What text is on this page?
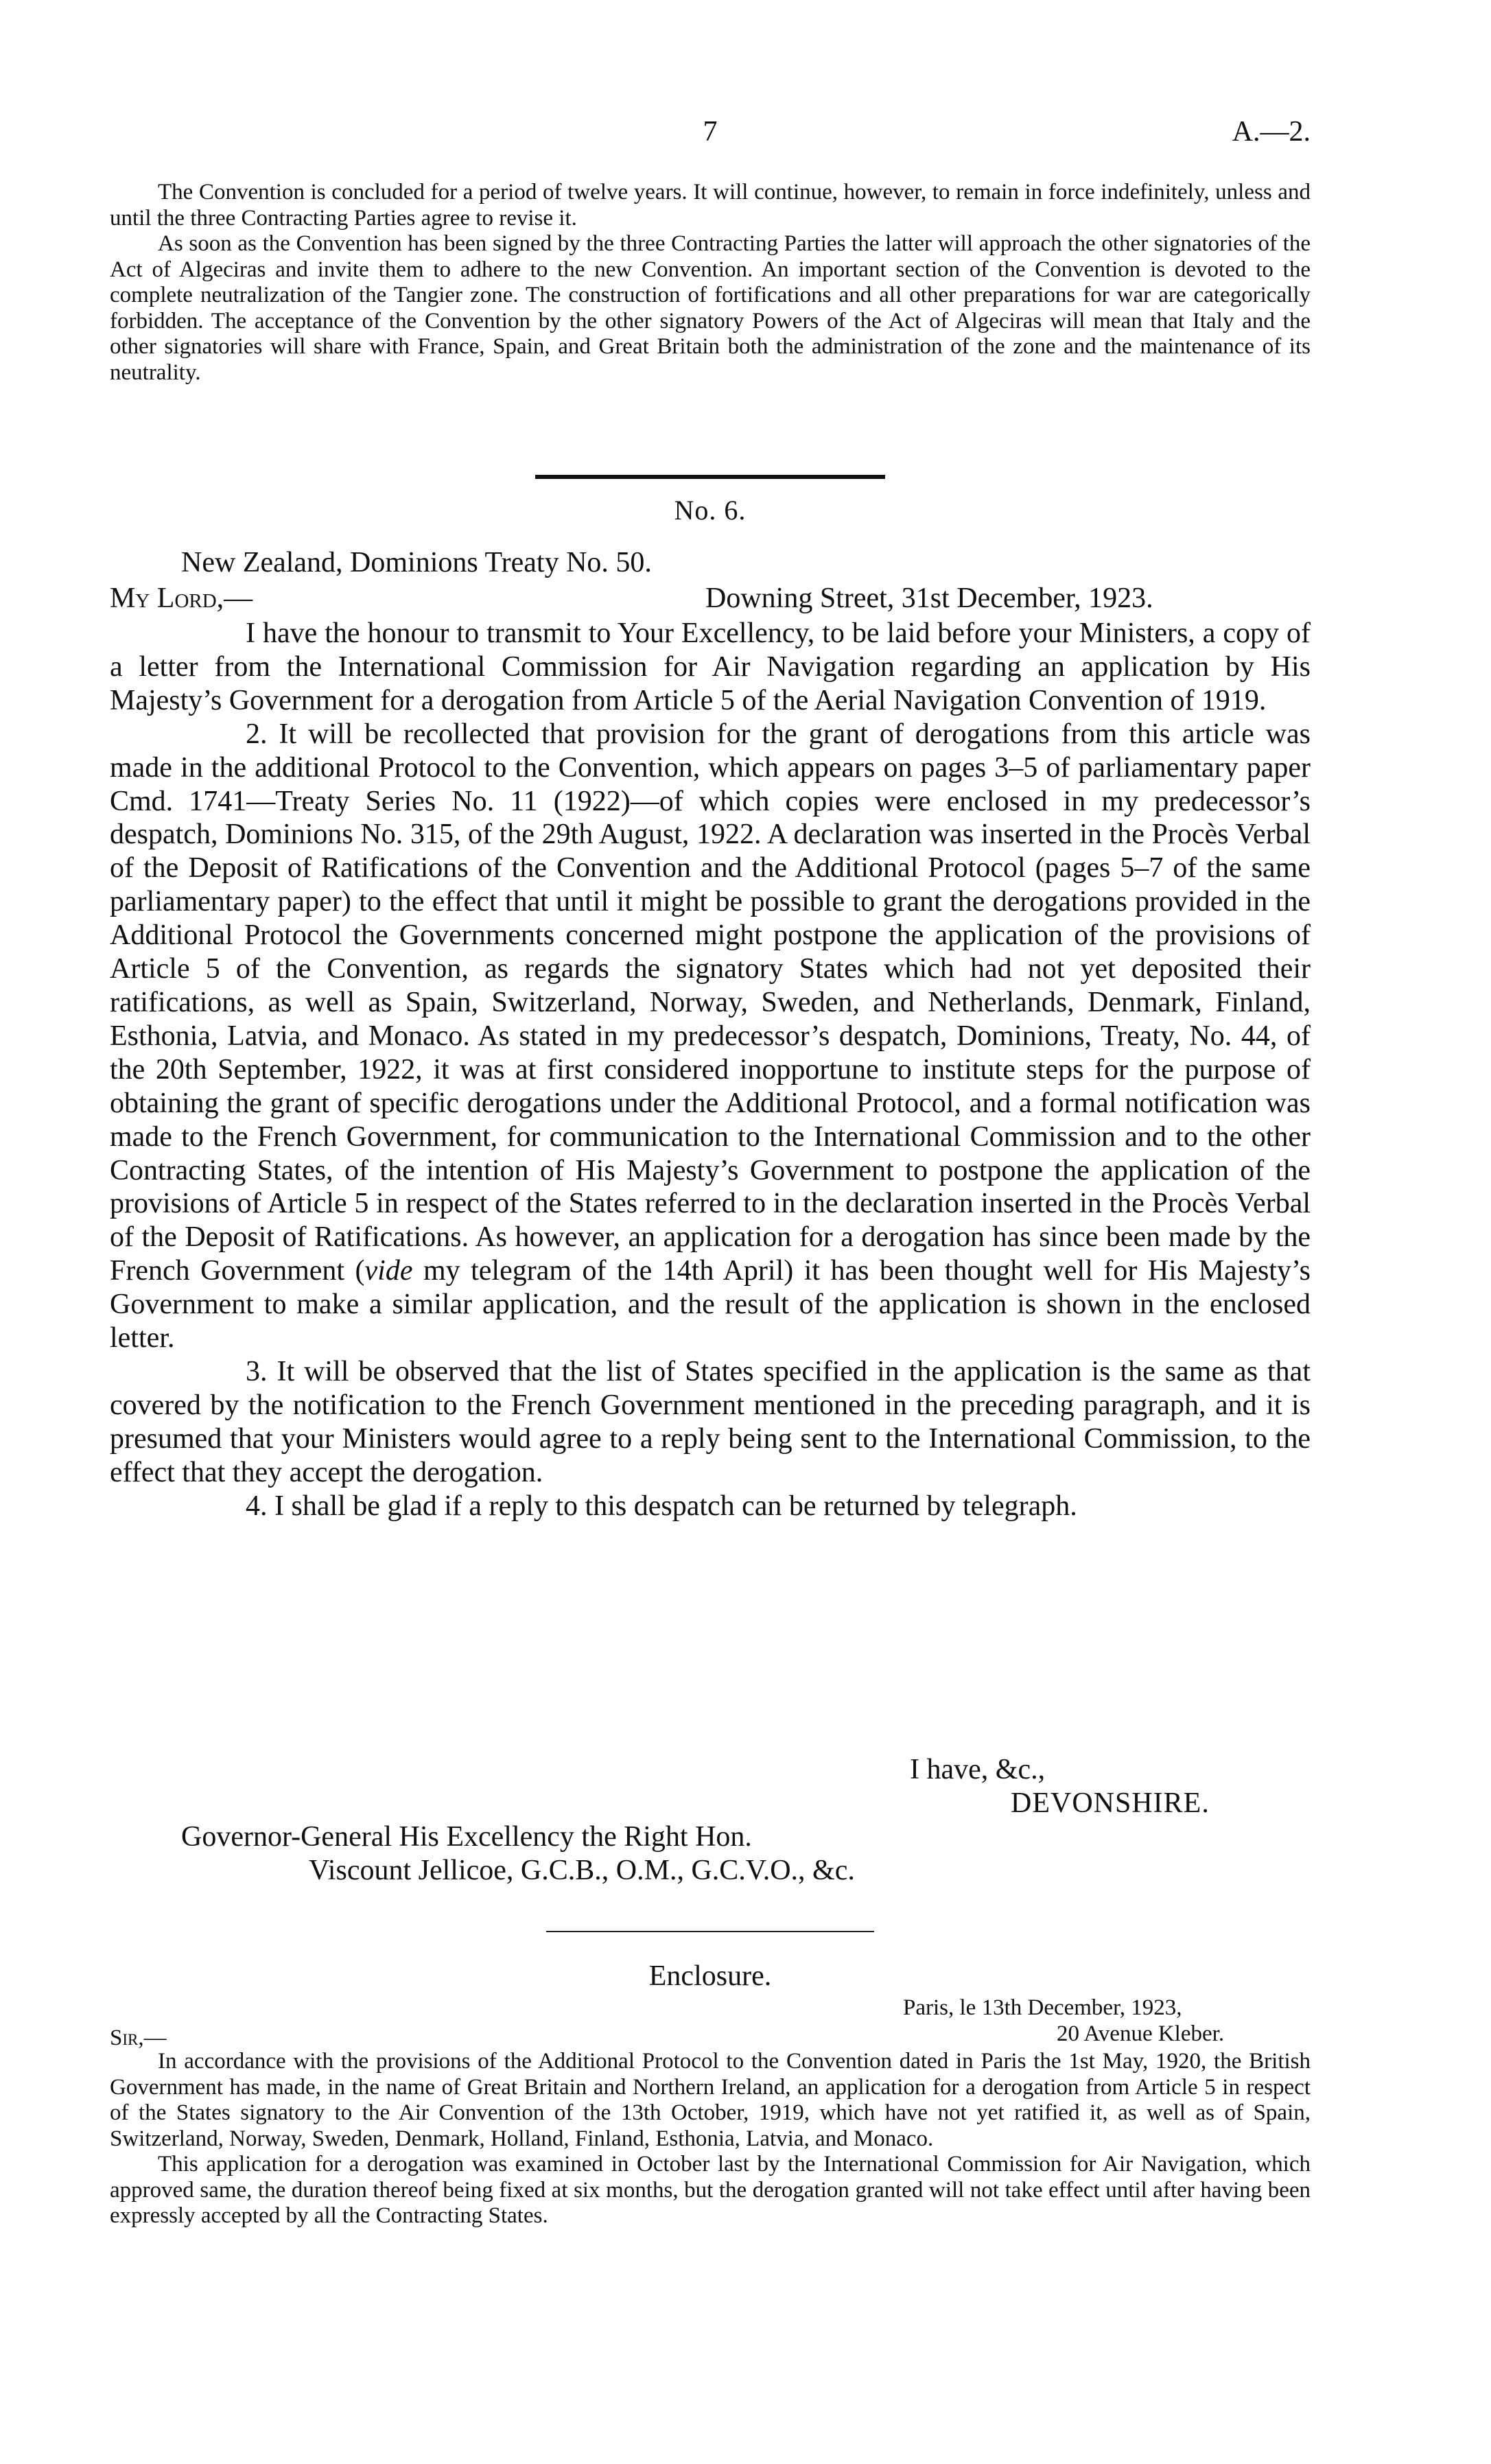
7	A.—2.

The Convention is concluded for a period of twelve years. It will continue, however, to remain in force indefinitely, unless and until the three Contracting Parties agree to revise it.

As soon as the Convention has been signed by the three Contracting Parties the latter will approach the other signatories of the Act of Algeciras and invite them to adhere to the new Convention. An important section of the Convention is devoted to the complete neutralization of the Tangier zone. The construction of fortifications and all other preparations for war are categorically forbidden. The acceptance of the Convention by the other signatory Powers of the Act of Algeciras will mean that Italy and the other signatories will share with France, Spain, and Great Britain both the administration of the zone and the maintenance of its neutrality.

No. 6.
New Zealand, Dominions Treaty No. 50.
My Lord,—	Downing Street, 31st December, 1923.

I have the honour to transmit to Your Excellency, to be laid before your Ministers, a copy of a letter from the International Commission for Air Navigation regarding an application by His Majesty’s Government for a derogation from Article 5 of the Aerial Navigation Convention of 1919.

2. It will be recollected that provision for the grant of derogations from this article was made in the additional Protocol to the Convention, which appears on pages 3–5 of parliamentary paper Cmd. 1741—Treaty Series No. 11 (1922)—of which copies were enclosed in my predecessor’s despatch, Dominions No. 315, of the 29th August, 1922. A declaration was inserted in the Procès Verbal of the Deposit of Ratifications of the Convention and the Additional Protocol (pages 5–7 of the same parliamentary paper) to the effect that until it might be possible to grant the derogations provided in the Additional Protocol the Governments concerned might postpone the application of the provisions of Article 5 of the Convention, as regards the signatory States which had not yet deposited their ratifications, as well as Spain, Switzerland, Norway, Sweden, and Netherlands, Denmark, Finland, Esthonia, Latvia, and Monaco. As stated in my predecessor’s despatch, Dominions, Treaty, No. 44, of the 20th September, 1922, it was at first considered inopportune to institute steps for the purpose of obtaining the grant of specific derogations under the Additional Protocol, and a formal notification was made to the French Government, for communication to the International Commission and to the other Contracting States, of the intention of His Majesty’s Government to postpone the application of the provisions of Article 5 in respect of the States referred to in the declaration inserted in the Procès Verbal of the Deposit of Ratifications. As however, an application for a derogation has since been made by the French Government (vide my telegram of the 14th April) it has been thought well for His Majesty’s Government to make a similar application, and the result of the application is shown in the enclosed letter.

3. It will be observed that the list of States specified in the application is the same as that covered by the notification to the French Government mentioned in the preceding paragraph, and it is presumed that your Ministers would agree to a reply being sent to the International Commission, to the effect that they accept the derogation.

4. I shall be glad if a reply to this despatch can be returned by telegraph.

I have, &c.,
DEVONSHIRE.
Governor-General His Excellency the Right Hon.
Viscount Jellicoe, G.C.B., O.M., G.C.V.O., &c.
Enclosure.
Paris, le 13th December, 1923,
20 Avenue Kleber.
Sir,—

In accordance with the provisions of the Additional Protocol to the Convention dated in Paris the 1st May, 1920, the British Government has made, in the name of Great Britain and Northern Ireland, an application for a derogation from Article 5 in respect of the States signatory to the Air Convention of the 13th October, 1919, which have not yet ratified it, as well as of Spain, Switzerland, Norway, Sweden, Denmark, Holland, Finland, Esthonia, Latvia, and Monaco.

This application for a derogation was examined in October last by the International Commission for Air Navigation, which approved same, the duration thereof being fixed at six months, but the derogation granted will not take effect until after having been expressly accepted by all the Contracting States.
